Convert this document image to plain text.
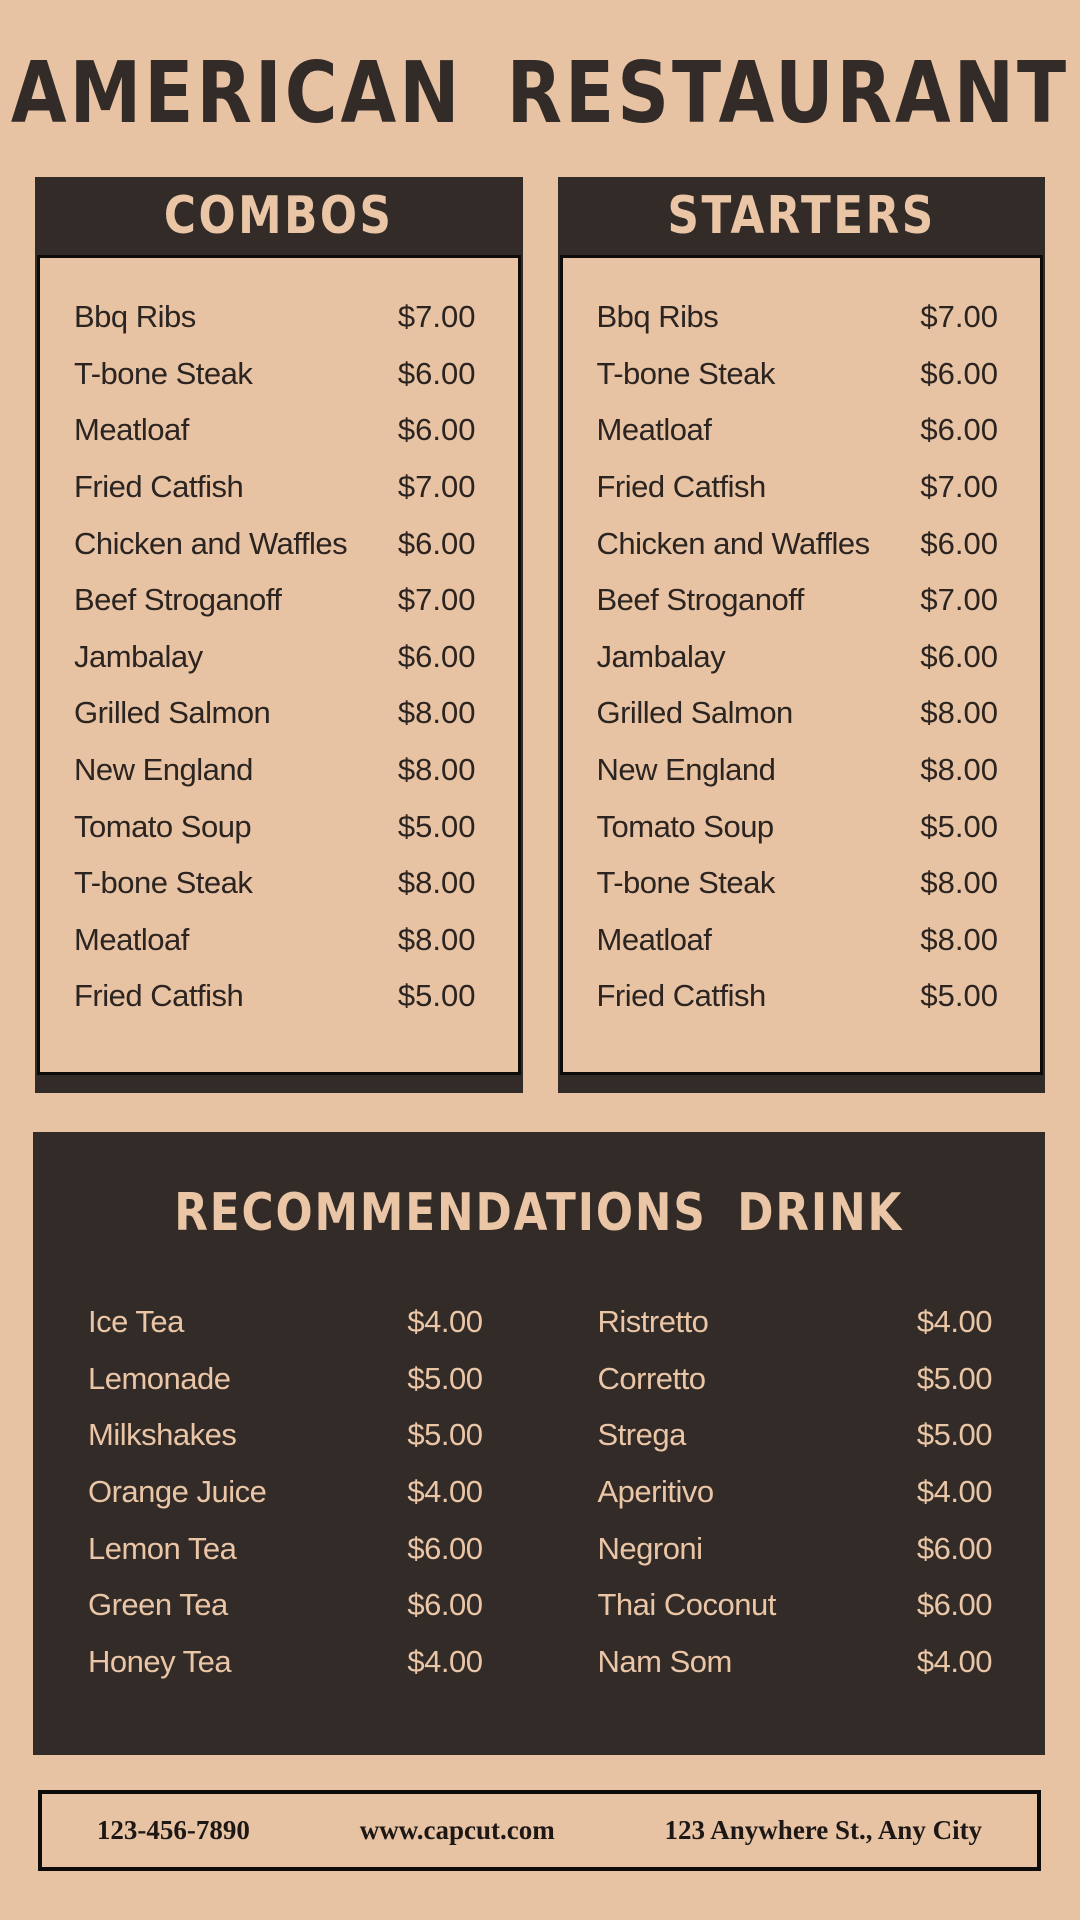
AMERICAN RESTAURANT
COMBOS
Bbq Ribs	$7.00
T-bone Steak	$6.00
Meatloaf	$6.00
Fried Catfish	$7.00
Chicken and Waffles $6.00
Beef Stroganoff	$7.00
Jambalay	$6.00
Grilled Salmon	$8.00
New England	$8.00
Tomato Soup	$5.00
T-bone Steak	$8.00
Meatloaf	$8.00
Fried Catfish	$5.00
STARTERS
Bbq Ribs	$7.00
T-bone Steak	$6.00
Meatloaf	$6.00
Fried Catfish	$7.00
Chicken and Waffles $6.00
Beef Stroganoff	$7.00
Jambalay	$6.00
Grilled Salmon	$8.00
New England	$8.00
Tomato Soup	$5.00
T-bone Steak	$8.00
Meatloaf	$8.00
Fried Catfish	$5.00
RECOMMENDATIONS DRINK
Ice Tea	$4.00
Lemonade	$5.00
Milkshakes	$5.00
Orange Juice	$4.00
Lemon Tea	$6.00
Green Tea	$6.00
Honey Tea	$4.00
Ristretto	$4.00
Corretto	$5.00
Strega	$5.00
Aperitivo	$4.00
Negroni	$6.00
Thai Coconut	$6.00
Nam Som	$4.00
123-456-7890	www.capcut.com	123 Anywhere St., Any City
